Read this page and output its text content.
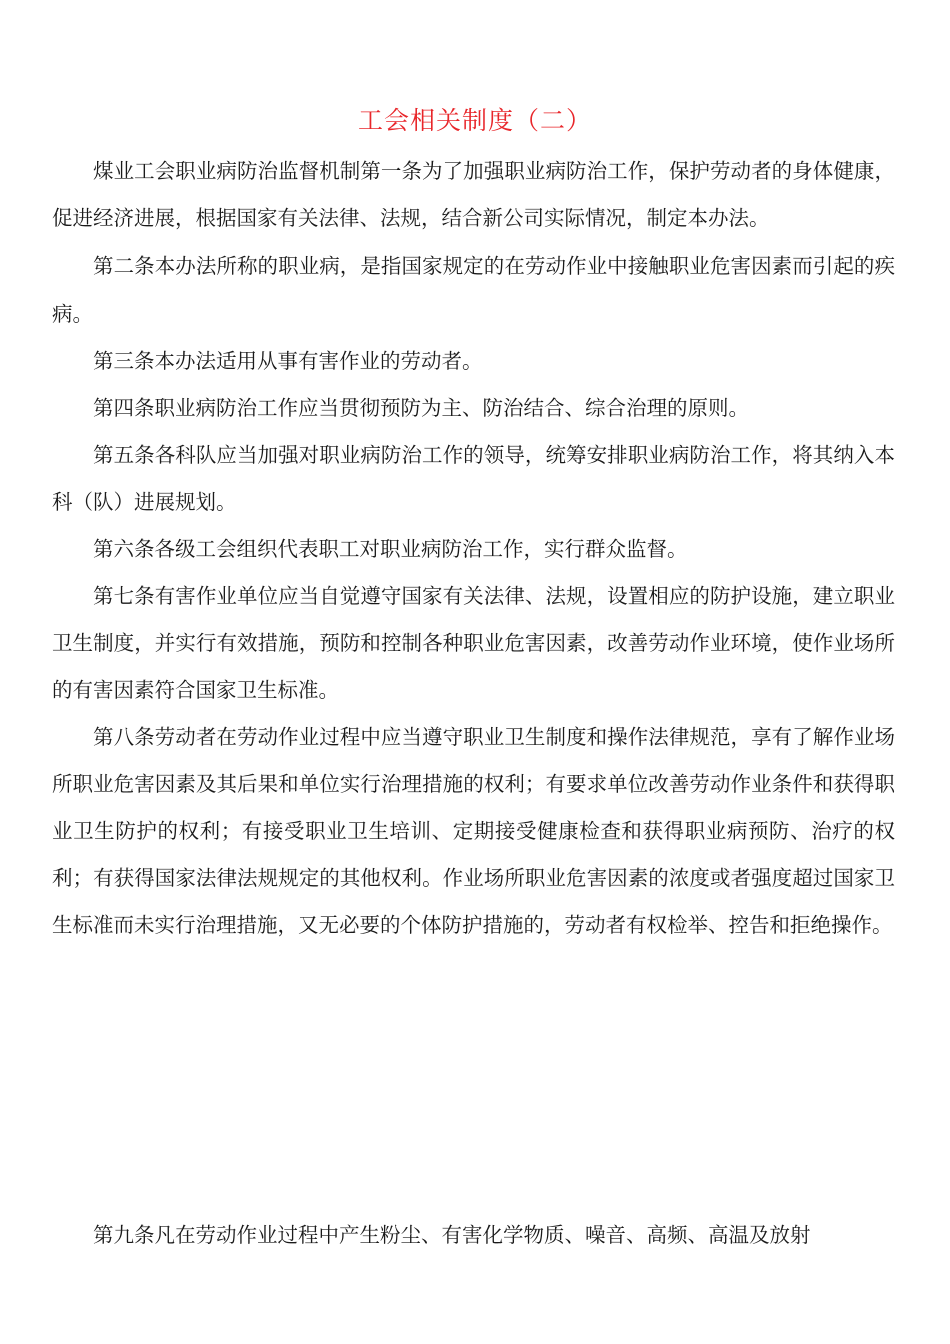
工会相关制度（二）

煤业工会职业病防治监督机制第一条为了加强职业病防治工作，保护劳动者的身体健康，促进经济进展，根据国家有关法律、法规，结合新公司实际情况，制定本办法。

第二条本办法所称的职业病，是指国家规定的在劳动作业中接触职业危害因素而引起的疾病。

第三条本办法适用从事有害作业的劳动者。

第四条职业病防治工作应当贯彻预防为主、防治结合、综合治理的原则。

第五条各科队应当加强对职业病防治工作的领导，统筹安排职业病防治工作，将其纳入本科（队）进展规划。

第六条各级工会组织代表职工对职业病防治工作，实行群众监督。

第七条有害作业单位应当自觉遵守国家有关法律、法规，设置相应的防护设施，建立职业卫生制度，并实行有效措施，预防和控制各种职业危害因素，改善劳动作业环境，使作业场所的有害因素符合国家卫生标准。

第八条劳动者在劳动作业过程中应当遵守职业卫生制度和操作法律规范，享有了解作业场所职业危害因素及其后果和单位实行治理措施的权利；有要求单位改善劳动作业条件和获得职业卫生防护的权利；有接受职业卫生培训、定期接受健康检查和获得职业病预防、治疗的权利；有获得国家法律法规规定的其他权利。作业场所职业危害因素的浓度或者强度超过国家卫生标准而未实行治理措施，又无必要的个体防护措施的，劳动者有权检举、控告和拒绝操作。

第九条凡在劳动作业过程中产生粉尘、有害化学物质、噪音、高频、高温及放射
